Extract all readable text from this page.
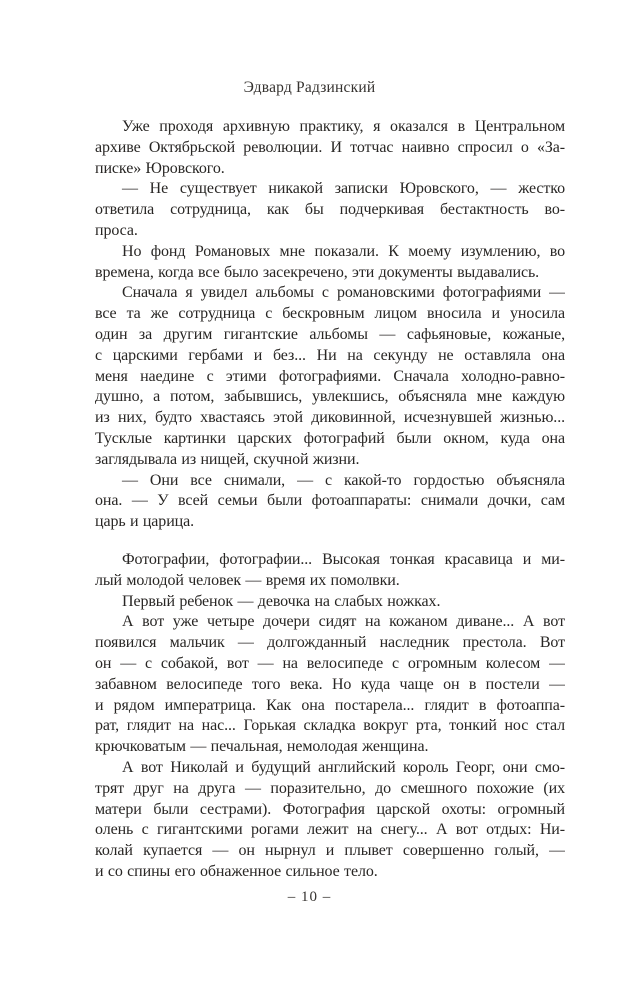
Эдвард Радзинский
Уже проходя архивную практику, я оказался в Центральном
архиве Октябрьской революции. И тотчас наивно спросил о «За-
писке» Юровского.
— Не существует никакой записки Юровского, — жестко
ответила сотрудница, как бы подчеркивая бестактность во-
проса.
Но фонд Романовых мне показали. К моему изумлению, во
времена, когда все было засекречено, эти документы выдавались.
Сначала я увидел альбомы с романовскими фотографиями —
все та же сотрудница с бескровным лицом вносила и уносила
один за другим гигантские альбомы — сафьяновые, кожаные,
с царскими гербами и без... Ни на секунду не оставляла она
меня наедине с этими фотографиями. Сначала холодно-равно-
душно, а потом, забывшись, увлекшись, объясняла мне каждую
из них, будто хвастаясь этой диковинной, исчезнувшей жизнью...
Тусклые картинки царских фотографий были окном, куда она
заглядывала из нищей, скучной жизни.
— Они все снимали, — с какой-то гордостью объясняла
она. — У всей семьи были фотоаппараты: снимали дочки, сам
царь и царица.
Фотографии, фотографии... Высокая тонкая красавица и ми-
лый молодой человек — время их помолвки.
Первый ребенок — девочка на слабых ножках.
А вот уже четыре дочери сидят на кожаном диване... А вот
появился мальчик — долгожданный наследник престола. Вот
он — с собакой, вот — на велосипеде с огромным колесом —
забавном велосипеде того века. Но куда чаще он в постели —
и рядом императрица. Как она постарела... глядит в фотоаппа-
рат, глядит на нас... Горькая складка вокруг рта, тонкий нос стал
крючковатым — печальная, немолодая женщина.
А вот Николай и будущий английский король Георг, они смо-
трят друг на друга — поразительно, до смешного похожие (их
матери были сестрами). Фотография царской охоты: огромный
олень с гигантскими рогами лежит на снегу... А вот отдых: Ни-
колай купается — он нырнул и плывет совершенно голый, —
и со спины его обнаженное сильное тело.
– 10 –
